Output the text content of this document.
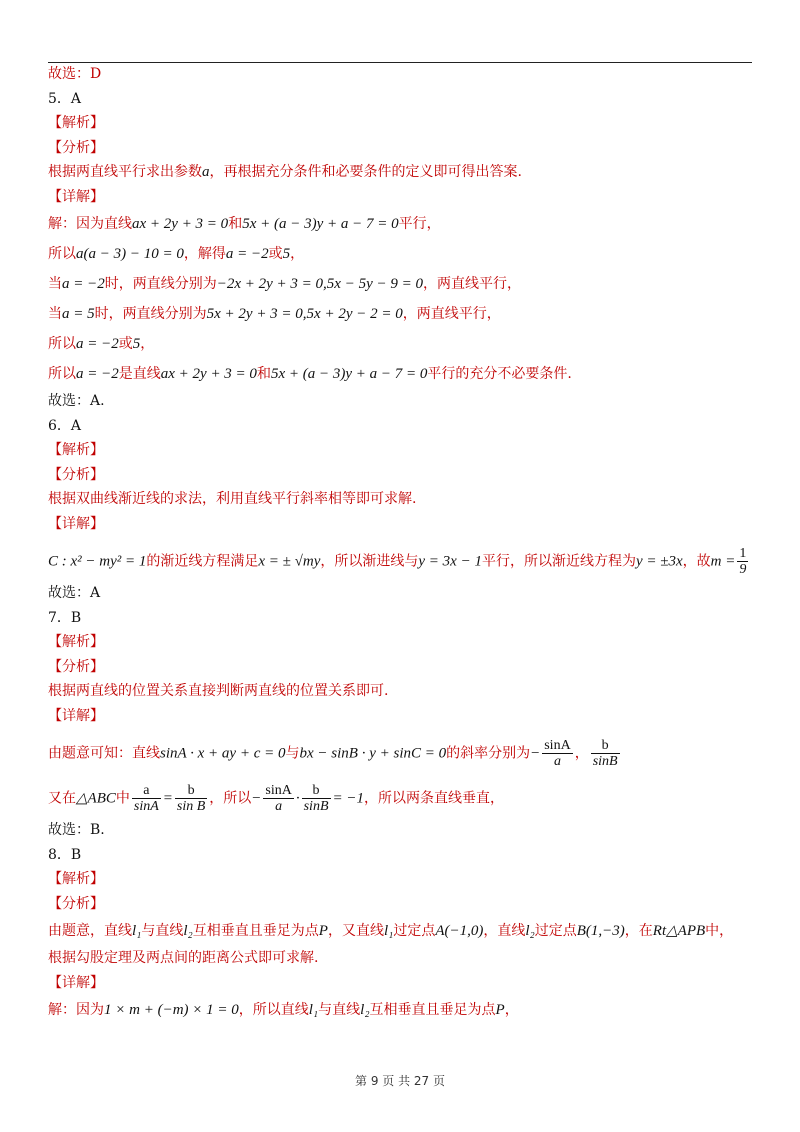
故选：D
5．A
【解析】
【分析】
根据两直线平行求出参数a，再根据充分条件和必要条件的定义即可得出答案.
【详解】
解：因为直线ax + 2y + 3 = 0和5x + (a − 3)y + a − 7 = 0平行，
所以a(a − 3) − 10 = 0，解得a = −2或5，
当a = −2时，两直线分别为−2x + 2y + 3 = 0,5x − 5y − 9 = 0，两直线平行，
当a = 5时，两直线分别为5x + 2y + 3 = 0,5x + 2y − 2 = 0，两直线平行，
所以a = −2或5，
所以a = −2是直线ax + 2y + 3 = 0和5x + (a − 3)y + a − 7 = 0平行的充分不必要条件.
故选：A.
6．A
【解析】
【分析】
根据双曲线渐近线的求法，利用直线平行斜率相等即可求解.
【详解】
C : x² − my² = 1的渐近线方程满足x = ± √my，所以渐进线与y = 3x − 1平行，所以渐近线方程为y = ±3x，故$m = \frac{1}{9}$
故选：A
7．B
【解析】
【分析】
根据两直线的位置关系直接判断两直线的位置关系即可.
【详解】
由题意可知：直线sinA · x + ay + c = 0与bx − sinB · y + sinC = 0的斜率分别为− $\frac{\sin A}{a}$ ， $\frac{b}{\sin B}$
又在△ABC中 $\frac{a}{\sin A} = \frac{b}{\text{sin B}}$ ，所以− $\frac{\sin A}{a} \cdot \frac{b}{\sin B} = -1$，所以两条直线垂直，
故选：B.
8．B
【解析】
【分析】
由题意，直线l₁与直线l₂互相垂直且垂足为点P，又直线l₁过定点A(−1,0)，直线l₂过定点B(1,−3)，在Rt△APB中，
根据勾股定理及两点间的距离公式即可求解.
【详解】
解：因为1 × m + (−m) × 1 = 0，所以直线l₁与直线l₂互相垂直且垂足为点P，
第 9 页 共 27 页
